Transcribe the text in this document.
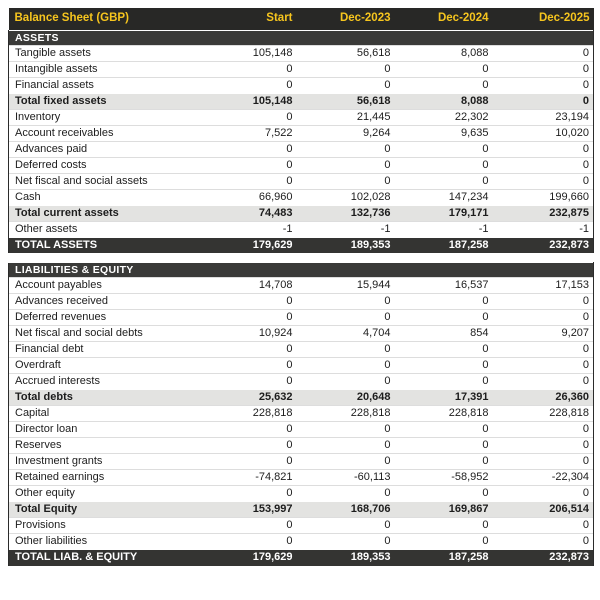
Balance Sheet (GBP)	Start	Dec-2023	Dec-2024	Dec-2025
ASSETS				
Tangible assets	105,148	56,618	8,088	0
Intangible assets	0	0	0	0
Financial assets	0	0	0	0
Total fixed assets	105,148	56,618	8,088	0
Inventory	0	21,445	22,302	23,194
Account receivables	7,522	9,264	9,635	10,020
Advances paid	0	0	0	0
Deferred costs	0	0	0	0
Net fiscal and social assets	0	0	0	0
Cash	66,960	102,028	147,234	199,660
Total current assets	74,483	132,736	179,171	232,875
Other assets	-1	-1	-1	-1
TOTAL ASSETS	179,629	189,353	187,258	232,873
LIABILITIES & EQUITY				
Account payables	14,708	15,944	16,537	17,153
Advances received	0	0	0	0
Deferred revenues	0	0	0	0
Net fiscal and social debts	10,924	4,704	854	9,207
Financial debt	0	0	0	0
Overdraft	0	0	0	0
Accrued interests	0	0	0	0
Total debts	25,632	20,648	17,391	26,360
Capital	228,818	228,818	228,818	228,818
Director loan	0	0	0	0
Reserves	0	0	0	0
Investment grants	0	0	0	0
Retained earnings	-74,821	-60,113	-58,952	-22,304
Other equity	0	0	0	0
Total Equity	153,997	168,706	169,867	206,514
Provisions	0	0	0	0
Other liabilities	0	0	0	0
TOTAL LIAB. & EQUITY	179,629	189,353	187,258	232,873
